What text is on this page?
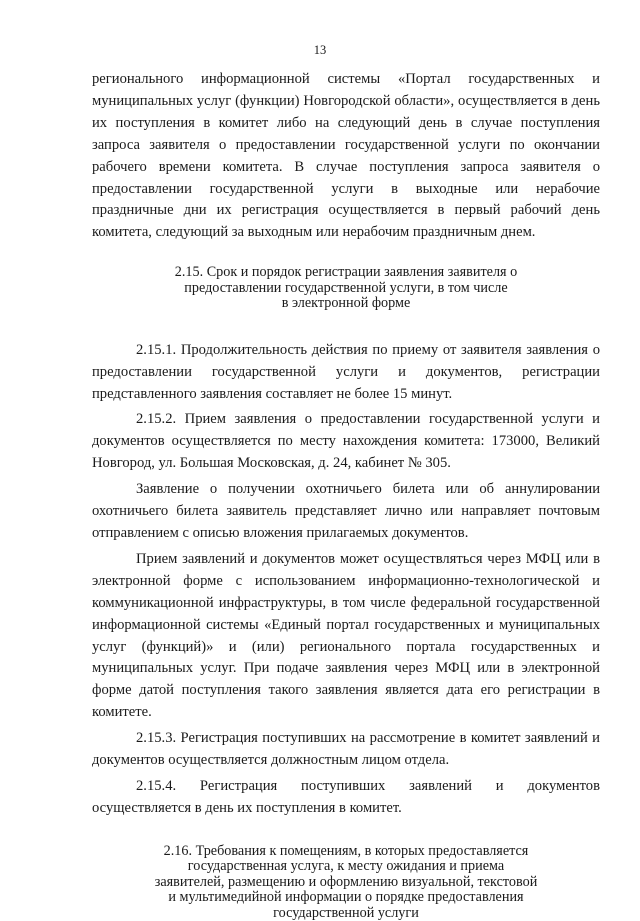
13

регионального информационной системы «Портал государственных и муниципальных услуг (функции) Новгородской области», осуществляется в день их поступления в комитет либо на следующий день в случае поступления запроса заявителя о предоставлении государственной услуги по окончании рабочего времени комитета. В случае поступления запроса заявителя о предоставлении государственной услуги в выходные или нерабочие праздничные дни их регистрация осуществляется в первый рабочий день комитета, следующий за выходным или нерабочим праздничным днем.

2.15. Срок и порядок регистрации заявления заявителя о
предоставлении государственной услуги, в том числе
в электронной форме

2.15.1. Продолжительность действия по приему от заявителя заявления о предоставлении государственной услуги и документов, регистрации представленного заявления составляет не более 15 минут.

2.15.2. Прием заявления о предоставлении государственной услуги и документов осуществляется по месту нахождения комитета: 173000, Великий Новгород, ул. Большая Московская, д. 24, кабинет № 305.

Заявление о получении охотничьего билета или об аннулировании охотничьего билета заявитель представляет лично или направляет почтовым отправлением с описью вложения прилагаемых документов.

Прием заявлений и документов может осуществляться через МФЦ или в электронной форме с использованием информационно-технологической и коммуникационной инфраструктуры, в том числе федеральной государственной информационной системы «Единый портал государственных и муниципальных услуг (функций)» и (или) регионального портала государственных и муниципальных услуг. При подаче заявления через МФЦ или в электронной форме датой поступления такого заявления является дата его регистрации в комитете.

2.15.3. Регистрация поступивших на рассмотрение в комитет заявлений и документов осуществляется должностным лицом отдела.

2.15.4. Регистрация поступивших заявлений и документов осуществляется в день их поступления в комитет.

2.16. Требования к помещениям, в которых предоставляется
государственная услуга, к месту ожидания и приема
заявителей, размещению и оформлению визуальной, текстовой
и мультимедийной информации о порядке предоставления
государственной услуги
